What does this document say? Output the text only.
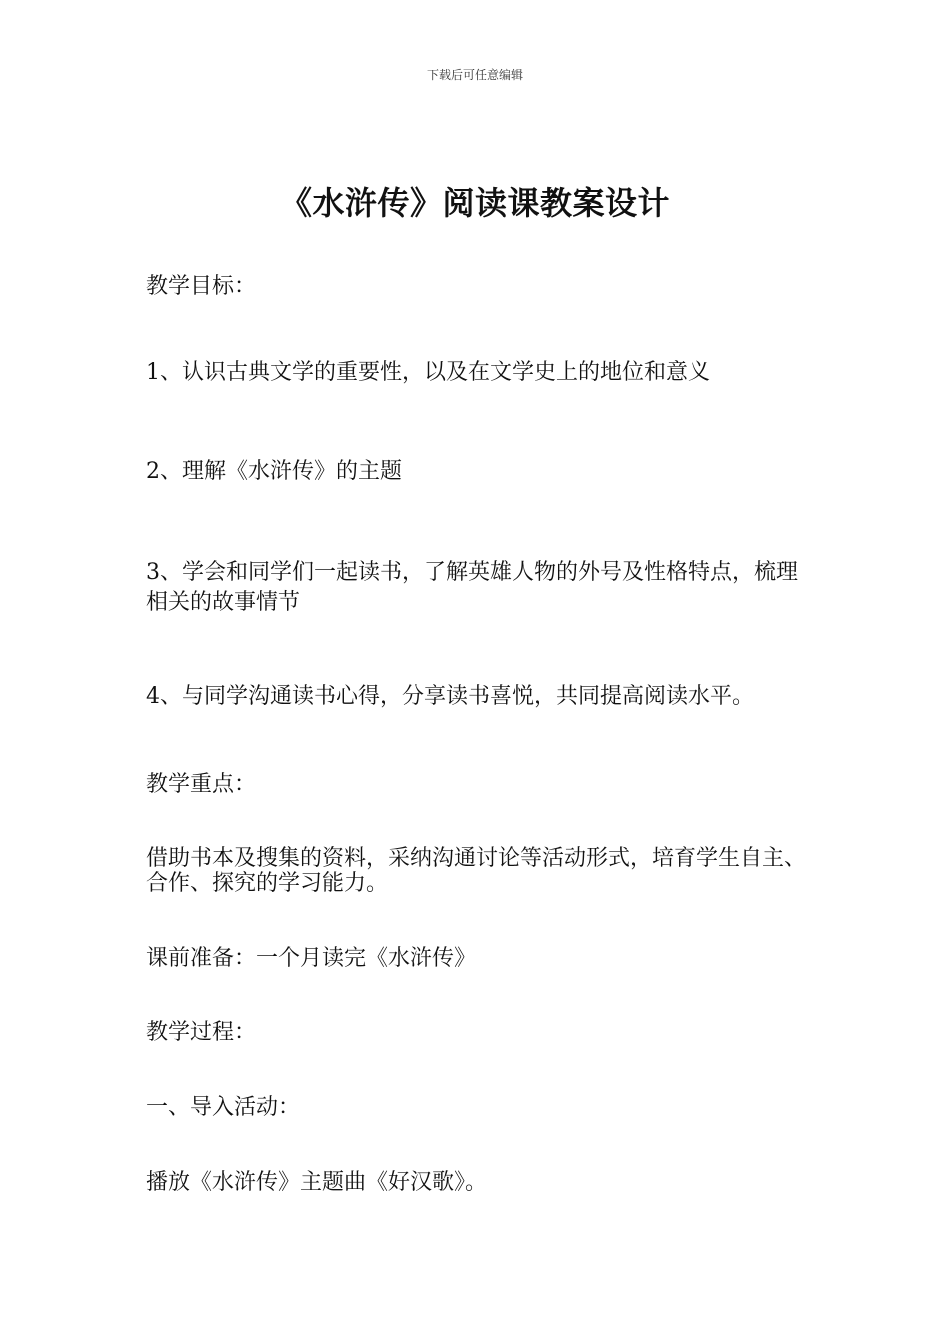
下载后可任意编辑
《水浒传》阅读课教案设计

教学目标：

1、认识古典文学的重要性，以及在文学史上的地位和意义

2、理解《水浒传》的主题

3、学会和同学们一起读书，了解英雄人物的外号及性格特点，梳理相关的故事情节

4、与同学沟通读书心得，分享读书喜悦，共同提高阅读水平。

教学重点：

借助书本及搜集的资料，采纳沟通讨论等活动形式，培育学生自主、合作、探究的学习能力。

课前准备：一个月读完《水浒传》

教学过程：

一、导入活动：

播放《水浒传》主题曲《好汉歌》。
